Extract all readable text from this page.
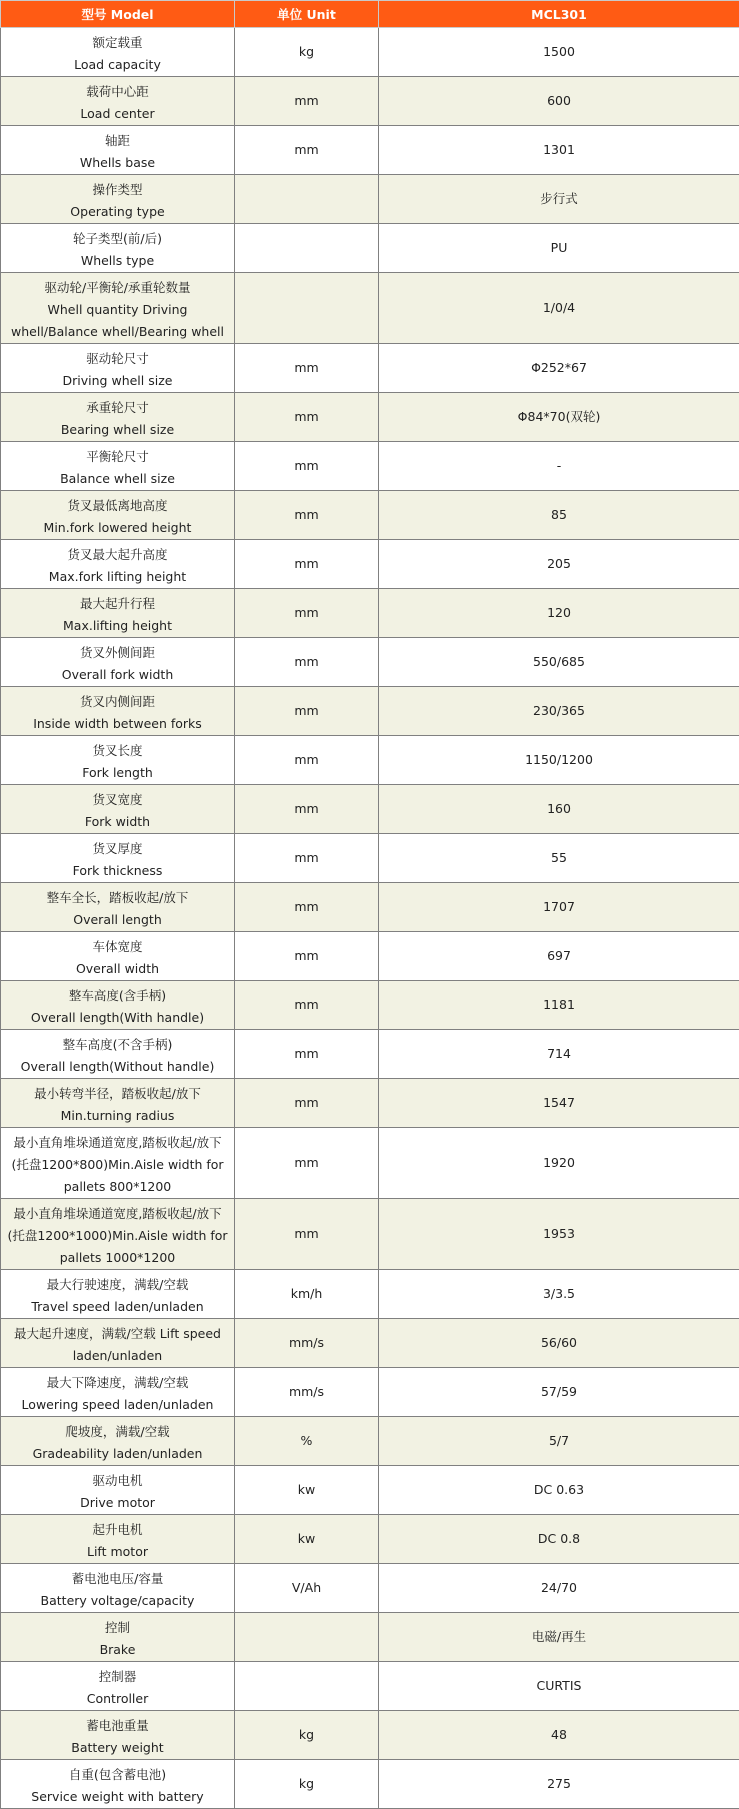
型号 Model	单位 Unit	MCL301

额定载重
Load capacity	kg	1500

载荷中心距
Load center	mm	600

轴距
Whells base	mm	1301

操作类型
Operating type		步行式

轮子类型(前/后)
Whells type		PU

驱动轮/平衡轮/承重轮数量
Whell quantity Driving
whell/Balance whell/Bearing whell		1/0/4

驱动轮尺寸
Driving whell size	mm	Φ252*67

承重轮尺寸
Bearing whell size	mm	Φ84*70(双轮)

平衡轮尺寸
Balance whell size	mm	-

货叉最低离地高度
Min.fork lowered height	mm	85

货叉最大起升高度
Max.fork lifting height	mm	205

最大起升行程
Max.lifting height	mm	120

货叉外侧间距
Overall fork width	mm	550/685

货叉内侧间距
Inside width between forks	mm	230/365

货叉长度
Fork length	mm	1150/1200

货叉宽度
Fork width	mm	160

货叉厚度
Fork thickness	mm	55

整车全长，踏板收起/放下
Overall length	mm	1707

车体宽度
Overall width	mm	697

整车高度(含手柄)
Overall length(With handle)	mm	1181

整车高度(不含手柄)
Overall length(Without handle)	mm	714

最小转弯半径，踏板收起/放下
Min.turning radius	mm	1547

最小直角堆垛通道宽度,踏板收起/放下
(托盘1200*800)Min.Aisle width for
pallets 800*1200	mm	1920

最小直角堆垛通道宽度,踏板收起/放下
(托盘1200*1000)Min.Aisle width for
pallets 1000*1200	mm	1953

最大行驶速度，满载/空载
Travel speed laden/unladen	km/h	3/3.5

最大起升速度，满载/空载 Lift speed
laden/unladen	mm/s	56/60

最大下降速度，满载/空载
Lowering speed laden/unladen	mm/s	57/59

爬坡度，满载/空载
Gradeability laden/unladen	%	5/7

驱动电机
Drive motor	kw	DC 0.63

起升电机
Lift motor	kw	DC 0.8

蓄电池电压/容量
Battery voltage/capacity	V/Ah	24/70

控制
Brake		电磁/再生

控制器
Controller		CURTIS

蓄电池重量
Battery weight	kg	48

自重(包含蓄电池)
Service weight with battery	kg	275
